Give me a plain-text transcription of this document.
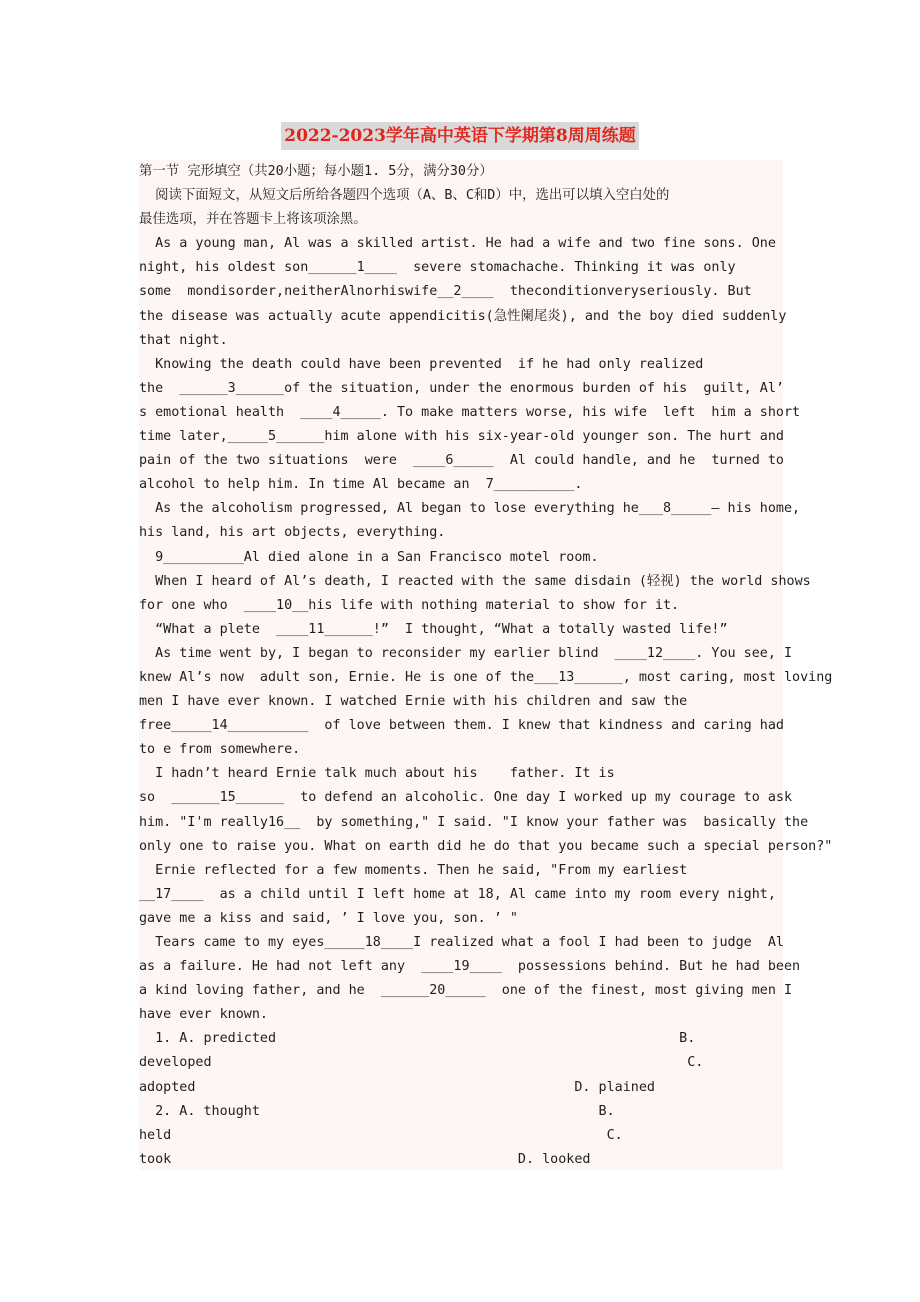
2022-2023学年高中英语下学期第8周周练题
第一节 完形填空（共20小题；每小题1. 5分，满分30分）
阅读下面短文，从短文后所给各题四个选项（A、B、C和D）中，选出可以填入空白处的
最佳选项，并在答题卡上将该项涂黑。
As a young man, Al was a skilled artist. He had a wife and two fine sons. One
night, his oldest son______1____  severe stomachache. Thinking it was only
some  mondisorder,neitherAlnorhiswife__2____  theconditionveryseriously. But
the disease was actually acute appendicitis(急性阑尾炎), and the boy died suddenly
that night.
Knowing the death could have been prevented  if he had only realized
the  ______3______of the situation, under the enormous burden of his  guilt, Al’
s emotional health  ____4_____. To make matters worse, his wife  left  him a short
time later,_____5______him alone with his six-year-old younger son. The hurt and
pain of the two situations  were  ____6_____  Al could handle, and he  turned to
alcohol to help him. In time Al became an  7__________.
As the alcoholism progressed, Al began to lose everything he___8_____— his home,
his land, his art objects, everything.
9__________Al died alone in a San Francisco motel room.
When I heard of Al’s death, I reacted with the same disdain (轻视) the world shows
for one who  ____10__his life with nothing material to show for it.
“What a plete  ____11______!”  I thought, “What a totally wasted life!”
As time went by, I began to reconsider my earlier blind  ____12____. You see, I
knew Al’s now  adult son, Ernie. He is one of the___13______, most caring, most loving
men I have ever known. I watched Ernie with his children and saw the
free_____14__________  of love between them. I knew that kindness and caring had
to e from somewhere.
I hadn’t heard Ernie talk much about his    father. It is
so  ______15______  to defend an alcoholic. One day I worked up my courage to ask
him. "I'm really16__  by something," I said. "I know your father was  basically the
only one to raise you. What on earth did he do that you became such a special person?"
Ernie reflected for a few moments. Then he said, "From my earliest
__17____  as a child until I left home at 18, Al came into my room every night,
gave me a kiss and said, ’ I love you, son. ’ "
Tears came to my eyes_____18____I realized what a fool I had been to judge  Al
as a failure. He had not left any  ____19____  possessions behind. But he had been
a kind loving father, and he  ______20_____  one of the finest, most giving men I
have ever known.
1. A. predicted                                                  B.
developed                                                           C.
adopted                                               D. plained
2. A. thought                                          B.
held                                                      C.
took                                           D. looked
